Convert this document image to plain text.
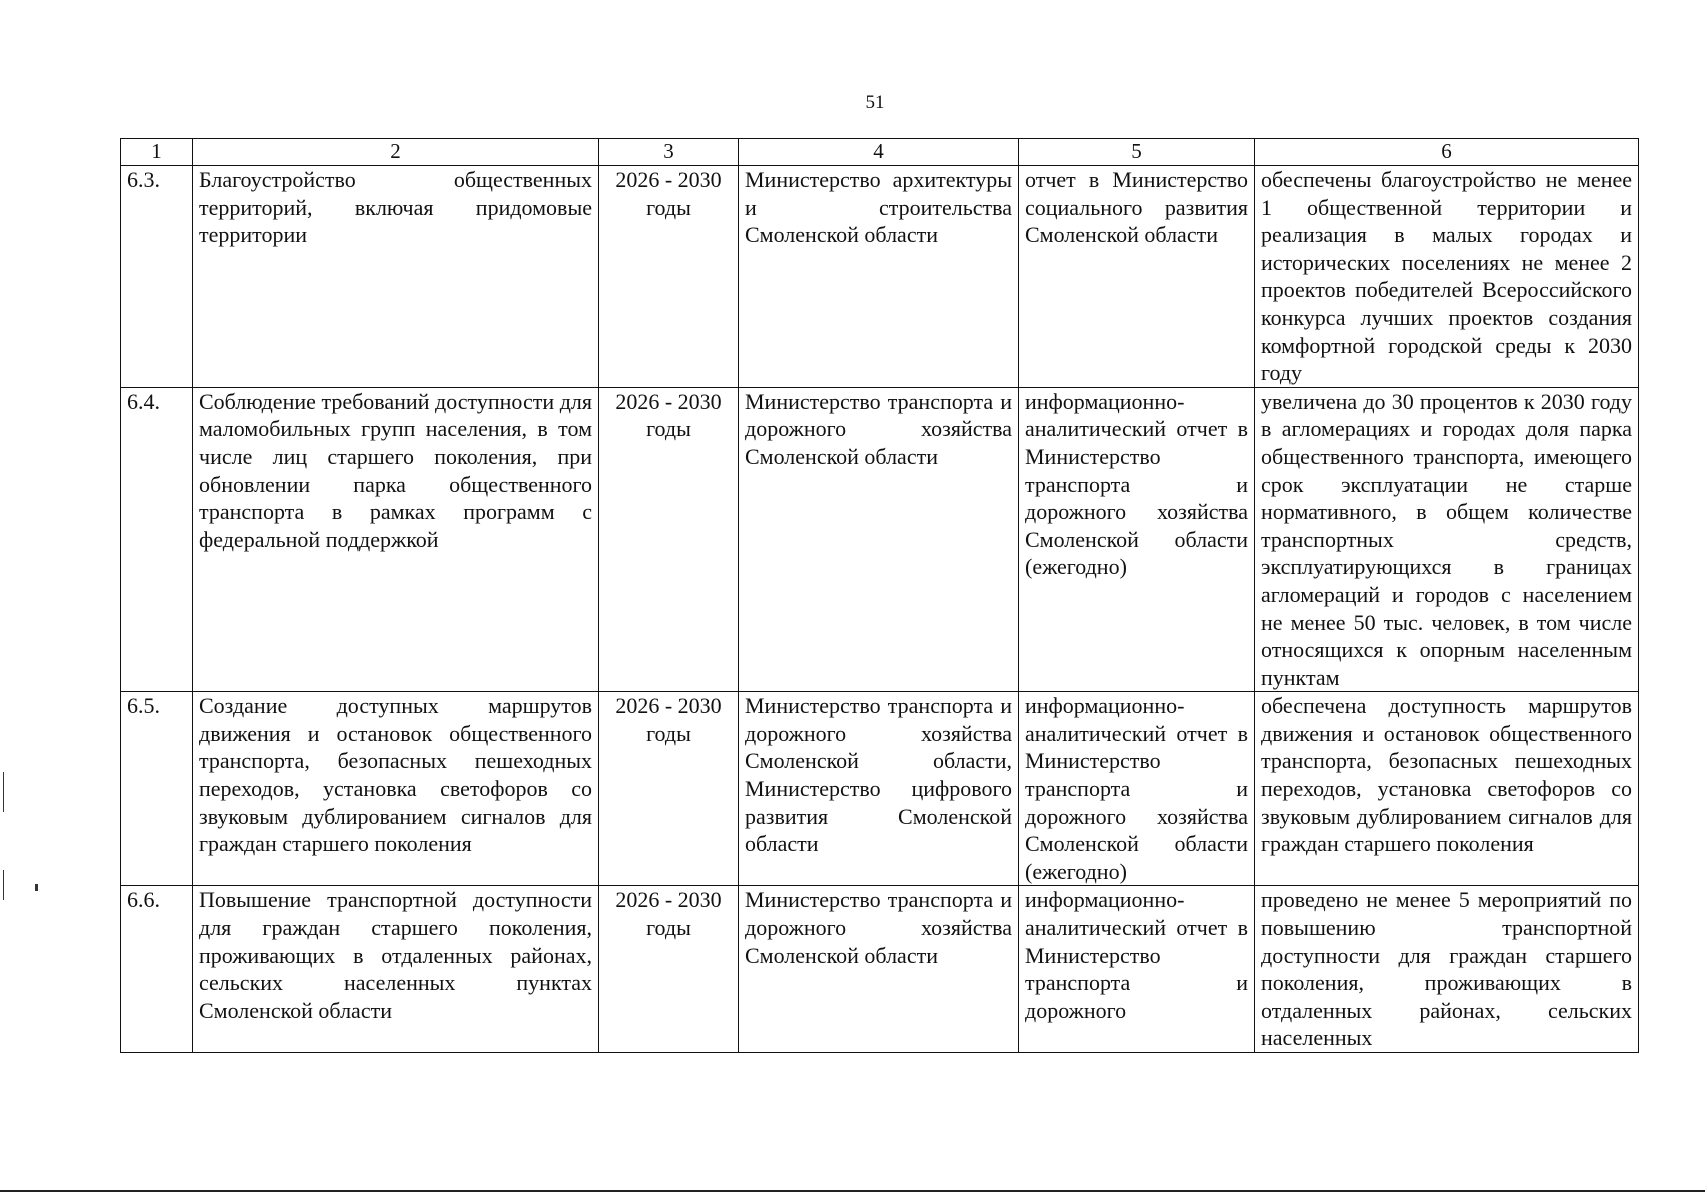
51
1	2	3	4	5	6
6.3.	Благоустройство общественных территорий, включая придомовые территории	2026 - 2030 годы	Министерство архитектуры и строительства Смоленской области	отчет в Министерство социального развития Смоленской области	обеспечены благоустройство не менее 1 общественной территории и реализация в малых городах и исторических поселениях не менее 2 проектов победителей Всероссийского конкурса лучших проектов создания комфортной городской среды к 2030 году
6.4.	Соблюдение требований доступности для маломобильных групп населения, в том числе лиц старшего поколения, при обновлении парка общественного транспорта в рамках программ с федеральной поддержкой	2026 - 2030 годы	Министерство транспорта и дорожного хозяйства Смоленской области	информационно-аналитический отчет в Министерство транспорта и дорожного хозяйства Смоленской области (ежегодно)	увеличена до 30 процентов к 2030 году в агломерациях и городах доля парка общественного транспорта, имеющего срок эксплуатации не старше нормативного, в общем количестве транспортных средств, эксплуатирующихся в границах агломераций и городов с населением не менее 50 тыс. человек, в том числе относящихся к опорным населенным пунктам
6.5.	Создание доступных маршрутов движения и остановок общественного транспорта, безопасных пешеходных переходов, установка светофоров со звуковым дублированием сигналов для граждан старшего поколения	2026 - 2030 годы	Министерство транспорта и дорожного хозяйства Смоленской области, Министерство цифрового развития Смоленской области	информационно-аналитический отчет в Министерство транспорта и дорожного хозяйства Смоленской области (ежегодно)	обеспечена доступность маршрутов движения и остановок общественного транспорта, безопасных пешеходных переходов, установка светофоров со звуковым дублированием сигналов для граждан старшего поколения
6.6.	Повышение транспортной доступности для граждан старшего поколения, проживающих в отдаленных районах, сельских населенных пунктах Смоленской области	2026 - 2030 годы	Министерство транспорта и дорожного хозяйства Смоленской области	информационно-аналитический отчет в Министерство транспорта и дорожного	проведено не менее 5 мероприятий по повышению транспортной доступности для граждан старшего поколения, проживающих в отдаленных районах, сельских населенных
